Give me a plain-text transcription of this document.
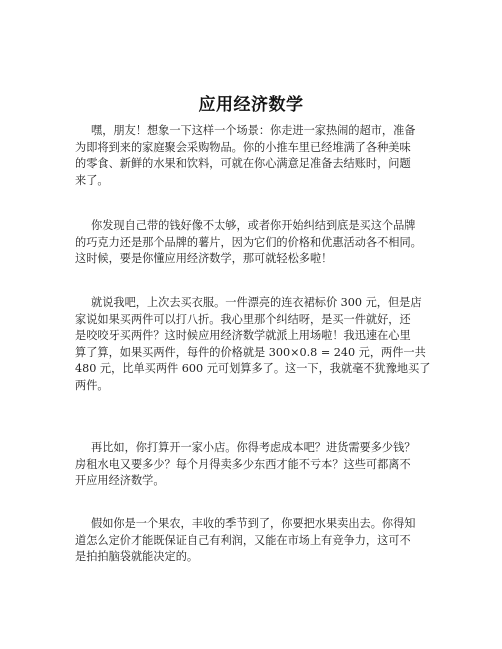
应用经济数学
嘿，朋友！想象一下这样一个场景：你走进一家热闹的超市，准备
为即将到来的家庭聚会采购物品。你的小推车里已经堆满了各种美味
的零食、新鲜的水果和饮料，可就在你心满意足准备去结账时，问题
来了。
你发现自己带的钱好像不太够，或者你开始纠结到底是买这个品牌
的巧克力还是那个品牌的薯片，因为它们的价格和优惠活动各不相同。
这时候，要是你懂应用经济数学，那可就轻松多啦！
就说我吧，上次去买衣服。一件漂亮的连衣裙标价 300 元，但是店
家说如果买两件可以打八折。我心里那个纠结呀，是买一件就好，还
是咬咬牙买两件？这时候应用经济数学就派上用场啦！我迅速在心里
算了算，如果买两件，每件的价格就是 300×0.8 = 240 元，两件一共
480 元，比单买两件 600 元可划算多了。这一下，我就毫不犹豫地买了
两件。
再比如，你打算开一家小店。你得考虑成本吧？进货需要多少钱？
房租水电又要多少？每个月得卖多少东西才能不亏本？这些可都离不
开应用经济数学。
假如你是一个果农，丰收的季节到了，你要把水果卖出去。你得知
道怎么定价才能既保证自己有利润，又能在市场上有竞争力，这可不
是拍拍脑袋就能决定的。
